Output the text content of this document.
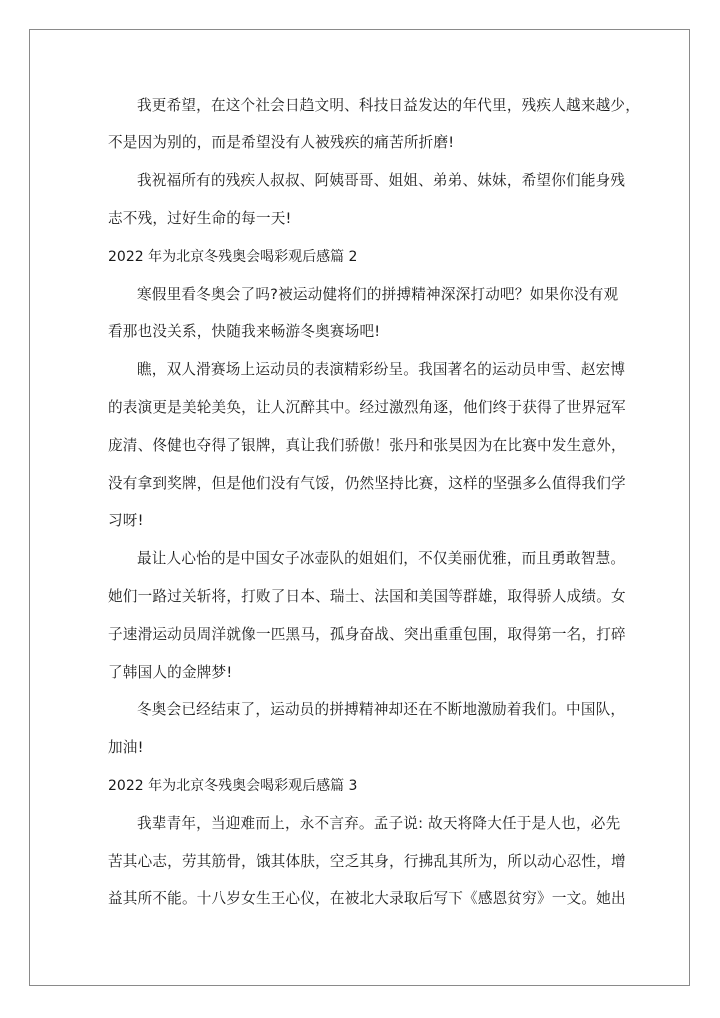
我更希望，在这个社会日趋文明、科技日益发达的年代里，残疾人越来越少，
不是因为别的，而是希望没有人被残疾的痛苦所折磨!
我祝福所有的残疾人叔叔、阿姨哥哥、姐姐、弟弟、妹妹，希望你们能身残
志不残，过好生命的每一天!
2022 年为北京冬残奥会喝彩观后感篇 2
寒假里看冬奥会了吗?被运动健将们的拼搏精神深深打动吧？如果你没有观
看那也没关系，快随我来畅游冬奥赛场吧!
瞧，双人滑赛场上运动员的表演精彩纷呈。我国著名的运动员申雪、赵宏博
的表演更是美轮美奂，让人沉醉其中。经过激烈角逐，他们终于获得了世界冠军
庞清、佟健也夺得了银牌，真让我们骄傲！张丹和张昊因为在比赛中发生意外，
没有拿到奖牌，但是他们没有气馁，仍然坚持比赛，这样的坚强多么值得我们学
习呀!
最让人心怡的是中国女子冰壶队的姐姐们，不仅美丽优雅，而且勇敢智慧。
她们一路过关斩将，打败了日本、瑞士、法国和美国等群雄，取得骄人成绩。女
子速滑运动员周洋就像一匹黑马，孤身奋战、突出重重包围，取得第一名，打碎
了韩国人的金牌梦!
冬奥会已经结束了，运动员的拼搏精神却还在不断地激励着我们。中国队，
加油!
2022 年为北京冬残奥会喝彩观后感篇 3
我辈青年，当迎难而上，永不言弃。孟子说: 故天将降大任于是人也，必先
苦其心志，劳其筋骨，饿其体肤，空乏其身，行拂乱其所为，所以动心忍性，增
益其所不能。十八岁女生王心仪，在被北大录取后写下《感恩贫穷》一文。她出
